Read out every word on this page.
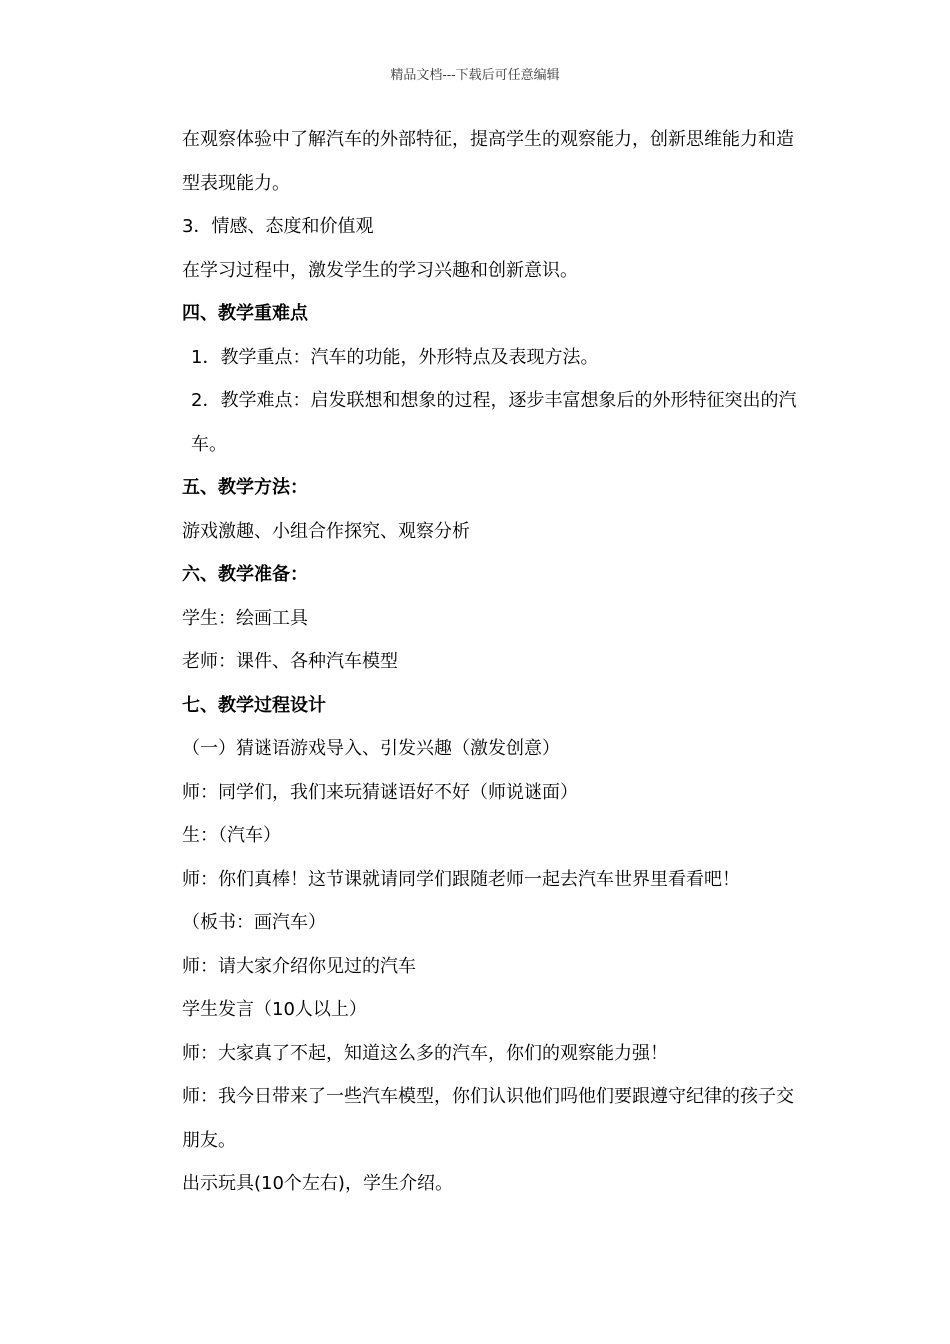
精品文档---下载后可任意编辑

在观察体验中了解汽车的外部特征，提高学生的观察能力，创新思维能力和造型表现能力。

3．情感、态度和价值观

在学习过程中，激发学生的学习兴趣和创新意识。

四、教学重难点

1．教学重点：汽车的功能，外形特点及表现方法。

2．教学难点：启发联想和想象的过程，逐步丰富想象后的外形特征突出的汽车。

五、教学方法：

游戏激趣、小组合作探究、观察分析

六、教学准备：

学生：绘画工具

老师：课件、各种汽车模型

七、教学过程设计

（一）猜谜语游戏导入、引发兴趣（激发创意）

师：同学们，我们来玩猜谜语好不好（师说谜面）

生：（汽车）

师：你们真棒！这节课就请同学们跟随老师一起去汽车世界里看看吧！

（板书：画汽车）

师：请大家介绍你见过的汽车

学生发言（10人以上）

师：大家真了不起，知道这么多的汽车，你们的观察能力强！

师：我今日带来了一些汽车模型，你们认识他们吗他们要跟遵守纪律的孩子交朋友。

出示玩具(10个左右)，学生介绍。
